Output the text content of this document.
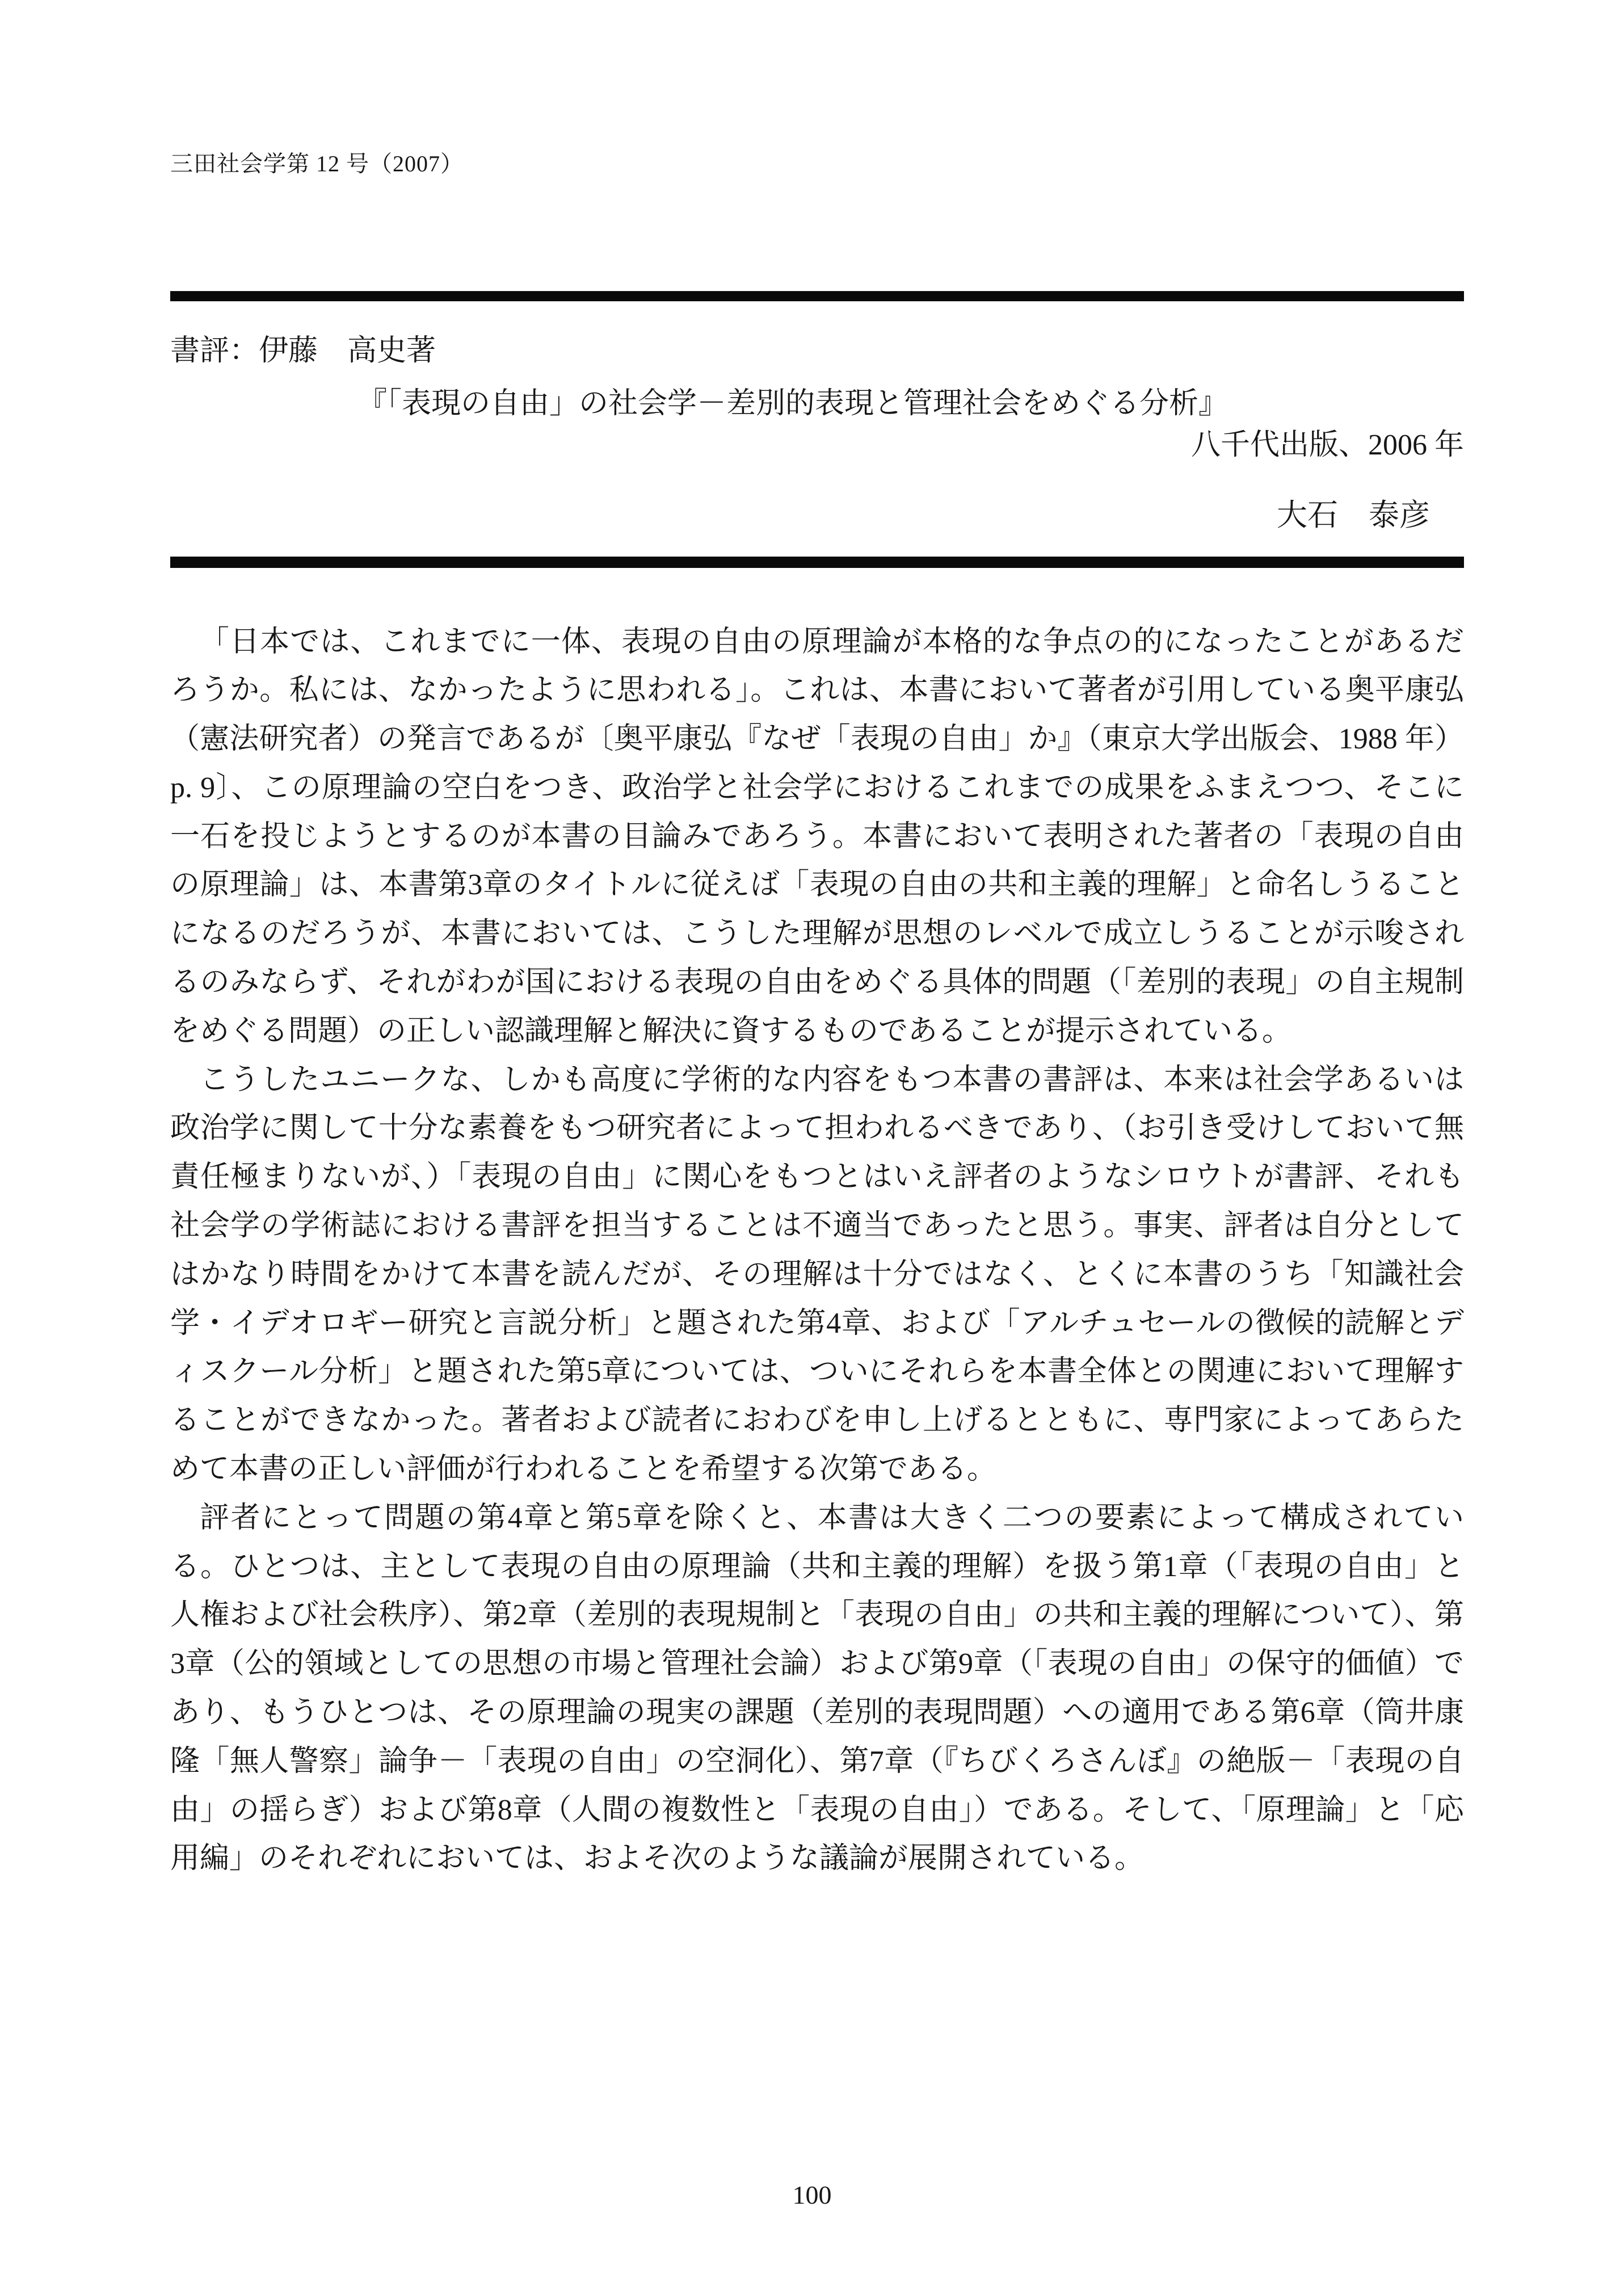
三田社会学第 12 号（2007）
書評：伊藤　高史著
『「表現の自由」の社会学－差別的表現と管理社会をめぐる分析』
八千代出版、2006 年
大石　泰彦

「日本では、これまでに一体、表現の自由の原理論が本格的な争点の的になったことがあるだろうか。私には、なかったように思われる」。これは、本書において著者が引用している奥平康弘（憲法研究者）の発言であるが〔奥平康弘『なぜ「表現の自由」か』（東京大学出版会、1988 年）p. 9〕、この原理論の空白をつき、政治学と社会学におけるこれまでの成果をふまえつつ、そこに一石を投じようとするのが本書の目論みであろう。本書において表明された著者の「表現の自由の原理論」は、本書第3章のタイトルに従えば「表現の自由の共和主義的理解」と命名しうることになるのだろうが、本書においては、こうした理解が思想のレベルで成立しうることが示唆されるのみならず、それがわが国における表現の自由をめぐる具体的問題（「差別的表現」の自主規制をめぐる問題）の正しい認識理解と解決に資するものであることが提示されている。

こうしたユニークな、しかも高度に学術的な内容をもつ本書の書評は、本来は社会学あるいは政治学に関して十分な素養をもつ研究者によって担われるべきであり、（お引き受けしておいて無責任極まりないが、）「表現の自由」に関心をもつとはいえ評者のようなシロウトが書評、それも社会学の学術誌における書評を担当することは不適当であったと思う。事実、評者は自分としてはかなり時間をかけて本書を読んだが、その理解は十分ではなく、とくに本書のうち「知識社会学・イデオロギー研究と言説分析」と題された第4章、および「アルチュセールの徴候的読解とディスクール分析」と題された第5章については、ついにそれらを本書全体との関連において理解することができなかった。著者および読者におわびを申し上げるとともに、専門家によってあらためて本書の正しい評価が行われることを希望する次第である。

評者にとって問題の第4章と第5章を除くと、本書は大きく二つの要素によって構成されている。ひとつは、主として表現の自由の原理論（共和主義的理解）を扱う第1章（「表現の自由」と人権および社会秩序）、第2章（差別的表現規制と「表現の自由」の共和主義的理解について）、第3章（公的領域としての思想の市場と管理社会論）および第9章（「表現の自由」の保守的価値）であり、もうひとつは、その原理論の現実の課題（差別的表現問題）への適用である第6章（筒井康隆「無人警察」論争－「表現の自由」の空洞化）、第7章（『ちびくろさんぼ』の絶版－「表現の自由」の揺らぎ）および第8章（人間の複数性と「表現の自由」）である。そして、「原理論」と「応用編」のそれぞれにおいては、およそ次のような議論が展開されている。

100
